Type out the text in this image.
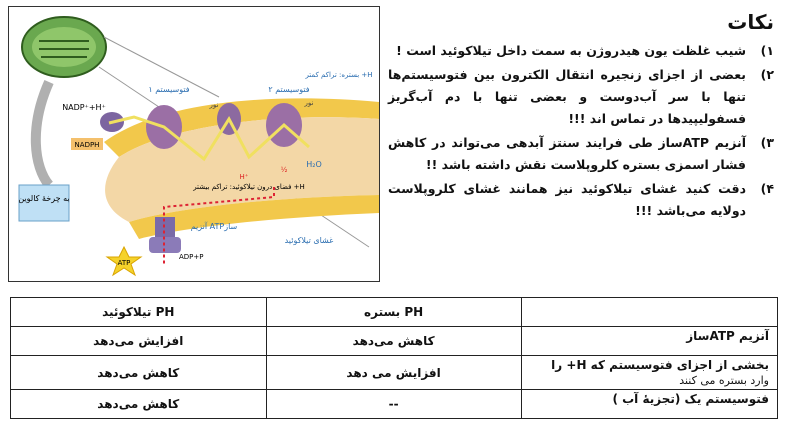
به چرخۀ کالوین
NADPH
NADP⁺+H⁺
ATP
ADP+P
فتوسیستم ۱	فتوسیستم ۲
نور	نور
بستره: تراکم کمتر +H
H₂O
H⁺
½
فضای درون تیلاکوئید: تراکم بیشتر +H
آنزیم ATPساز
غشای تیلاکوئید
نکات
۱)
شیب غلظت یون هیدروژن به سمت داخل تیلاکوئید است !
۲)
بعضی از اجزای زنجیره انتقال الکترون بین فتوسیستم‌ها تنها با سر آب‌دوست و بعضی تنها با دم آب‌گریز فسفولیپیدها در تماس اند !!!
۳)
آنزیم ATPساز طی فرایند سنتز آبدهی می‌تواند در کاهش فشار اسمزی بستره کلروپلاست نقش داشته باشد !!
۴)
دقت کنید غشای تیلاکوئید نیز همانند غشای کلروپلاست دولایه می‌باشد !!!
	PH بستره	PH تیلاکوئید
آنزیم ATPساز	کاهش می‌دهد	افزایش می‌دهد
بخشی از اجزای فتوسیستم که H+ را
وارد بستره می کنند	افزایش می دهد	کاهش می‌دهد
فتوسیستم یک (تجزیهٔ آب )	--	کاهش می‌دهد
